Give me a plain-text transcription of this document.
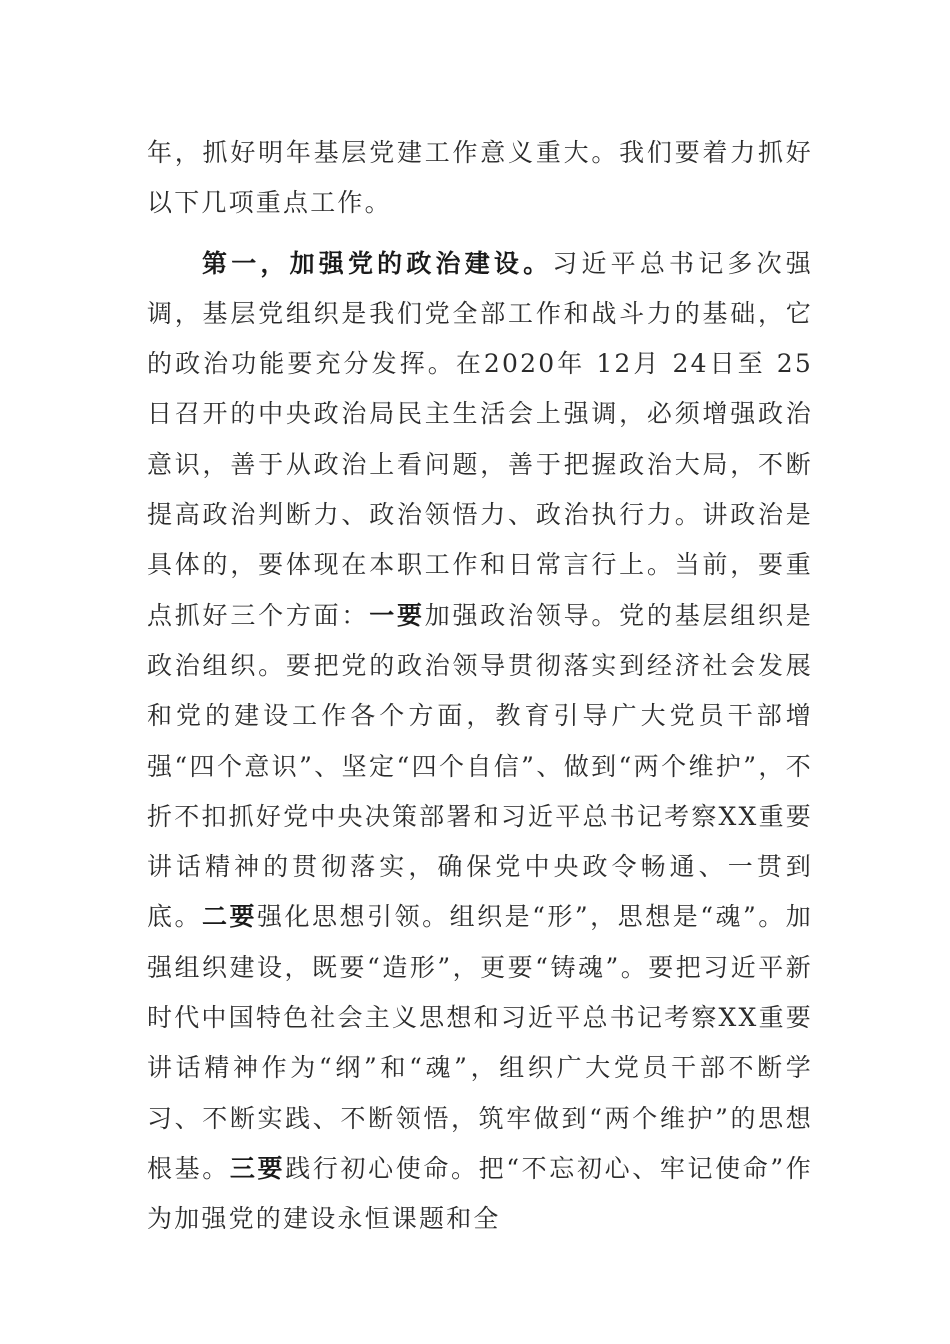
年，抓好明年基层党建工作意义重大。我们要着力抓好以下几项重点工作。

第一，加强党的政治建设。习近平总书记多次强调，基层党组织是我们党全部工作和战斗力的基础，它的政治功能要充分发挥。在2020年 12月 24日至 25日召开的中央政治局民主生活会上强调，必须增强政治意识，善于从政治上看问题，善于把握政治大局，不断提高政治判断力、政治领悟力、政治执行力。讲政治是具体的，要体现在本职工作和日常言行上。当前，要重点抓好三个方面：一要加强政治领导。党的基层组织是政治组织。要把党的政治领导贯彻落实到经济社会发展和党的建设工作各个方面，教育引导广大党员干部增强“四个意识”、坚定“四个自信”、做到“两个维护”，不折不扣抓好党中央决策部署和习近平总书记考察XX重要讲话精神的贯彻落实，确保党中央政令畅通、一贯到底。二要强化思想引领。组织是“形”，思想是“魂”。加强组织建设，既要“造形”，更要“铸魂”。要把习近平新时代中国特色社会主义思想和习近平总书记考察XX重要讲话精神作为“纲”和“魂”，组织广大党员干部不断学习、不断实践、不断领悟，筑牢做到“两个维护”的思想根基。三要践行初心使命。把“不忘初心、牢记使命”作为加强党的建设永恒课题和全
